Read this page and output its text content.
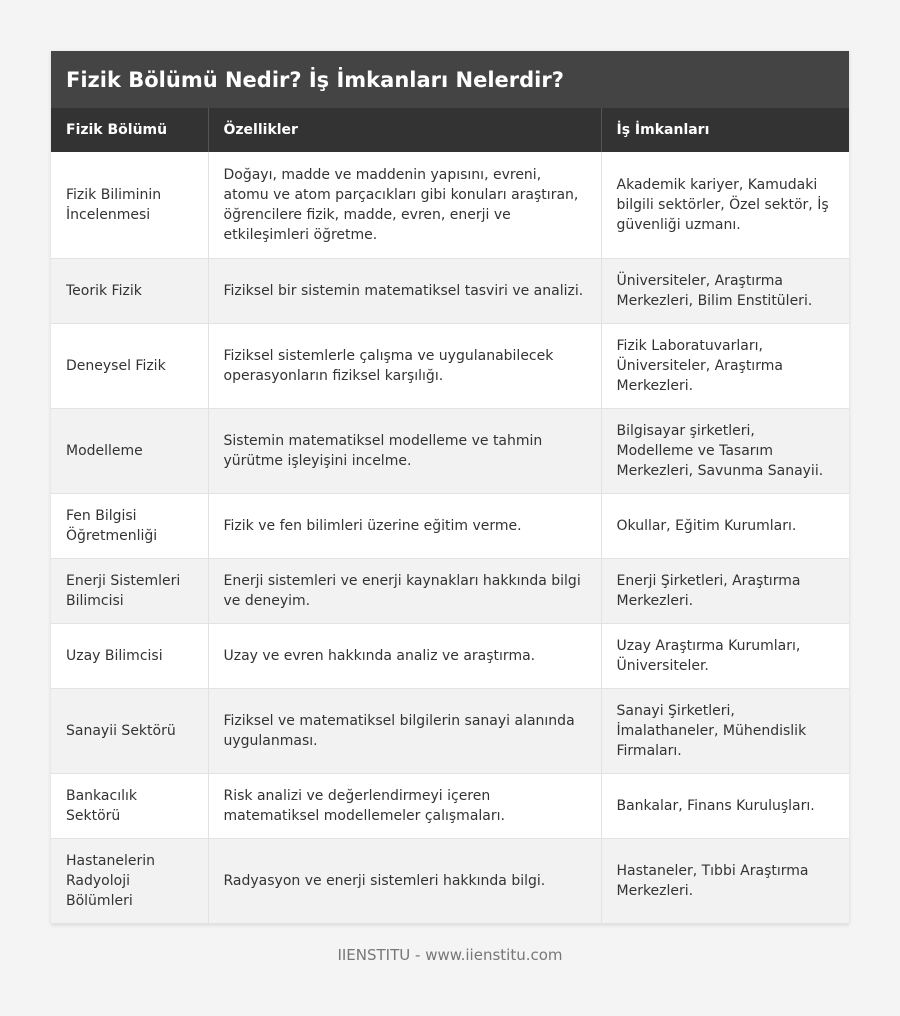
Fizik Bölümü Nedir? İş İmkanları Nelerdir?
Fizik Bölümü	Özellikler	İş İmkanları
Fizik Biliminin İncelenmesi	Doğayı, madde ve maddenin yapısını, evreni, atomu ve atom parçacıkları gibi konuları araştıran, öğrencilere fizik, madde, evren, enerji ve etkileşimleri öğretme.	Akademik kariyer, Kamudaki bilgili sektörler, Özel sektör, İş güvenliği uzmanı.
Teorik Fizik	Fiziksel bir sistemin matematiksel tasviri ve analizi.	Üniversiteler, Araştırma Merkezleri, Bilim Enstitüleri.
Deneysel Fizik	Fiziksel sistemlerle çalışma ve uygulanabilecek operasyonların fiziksel karşılığı.	Fizik Laboratuvarları, Üniversiteler, Araştırma Merkezleri.
Modelleme	Sistemin matematiksel modelleme ve tahmin yürütme işleyişini incelme.	Bilgisayar şirketleri, Modelleme ve Tasarım Merkezleri, Savunma Sanayii.
Fen Bilgisi Öğretmenliği	Fizik ve fen bilimleri üzerine eğitim verme.	Okullar, Eğitim Kurumları.
Enerji Sistemleri Bilimcisi	Enerji sistemleri ve enerji kaynakları hakkında bilgi ve deneyim.	Enerji Şirketleri, Araştırma Merkezleri.
Uzay Bilimcisi	Uzay ve evren hakkında analiz ve araştırma.	Uzay Araştırma Kurumları, Üniversiteler.
Sanayii Sektörü	Fiziksel ve matematiksel bilgilerin sanayi alanında uygulanması.	Sanayi Şirketleri, İmalathaneler, Mühendislik Firmaları.
Bankacılık Sektörü	Risk analizi ve değerlendirmeyi içeren matematiksel modellemeler çalışmaları.	Bankalar, Finans Kuruluşları.
Hastanelerin Radyoloji Bölümleri	Radyasyon ve enerji sistemleri hakkında bilgi.	Hastaneler, Tıbbi Araştırma Merkezleri.
IIENSTITU - www.iienstitu.com
